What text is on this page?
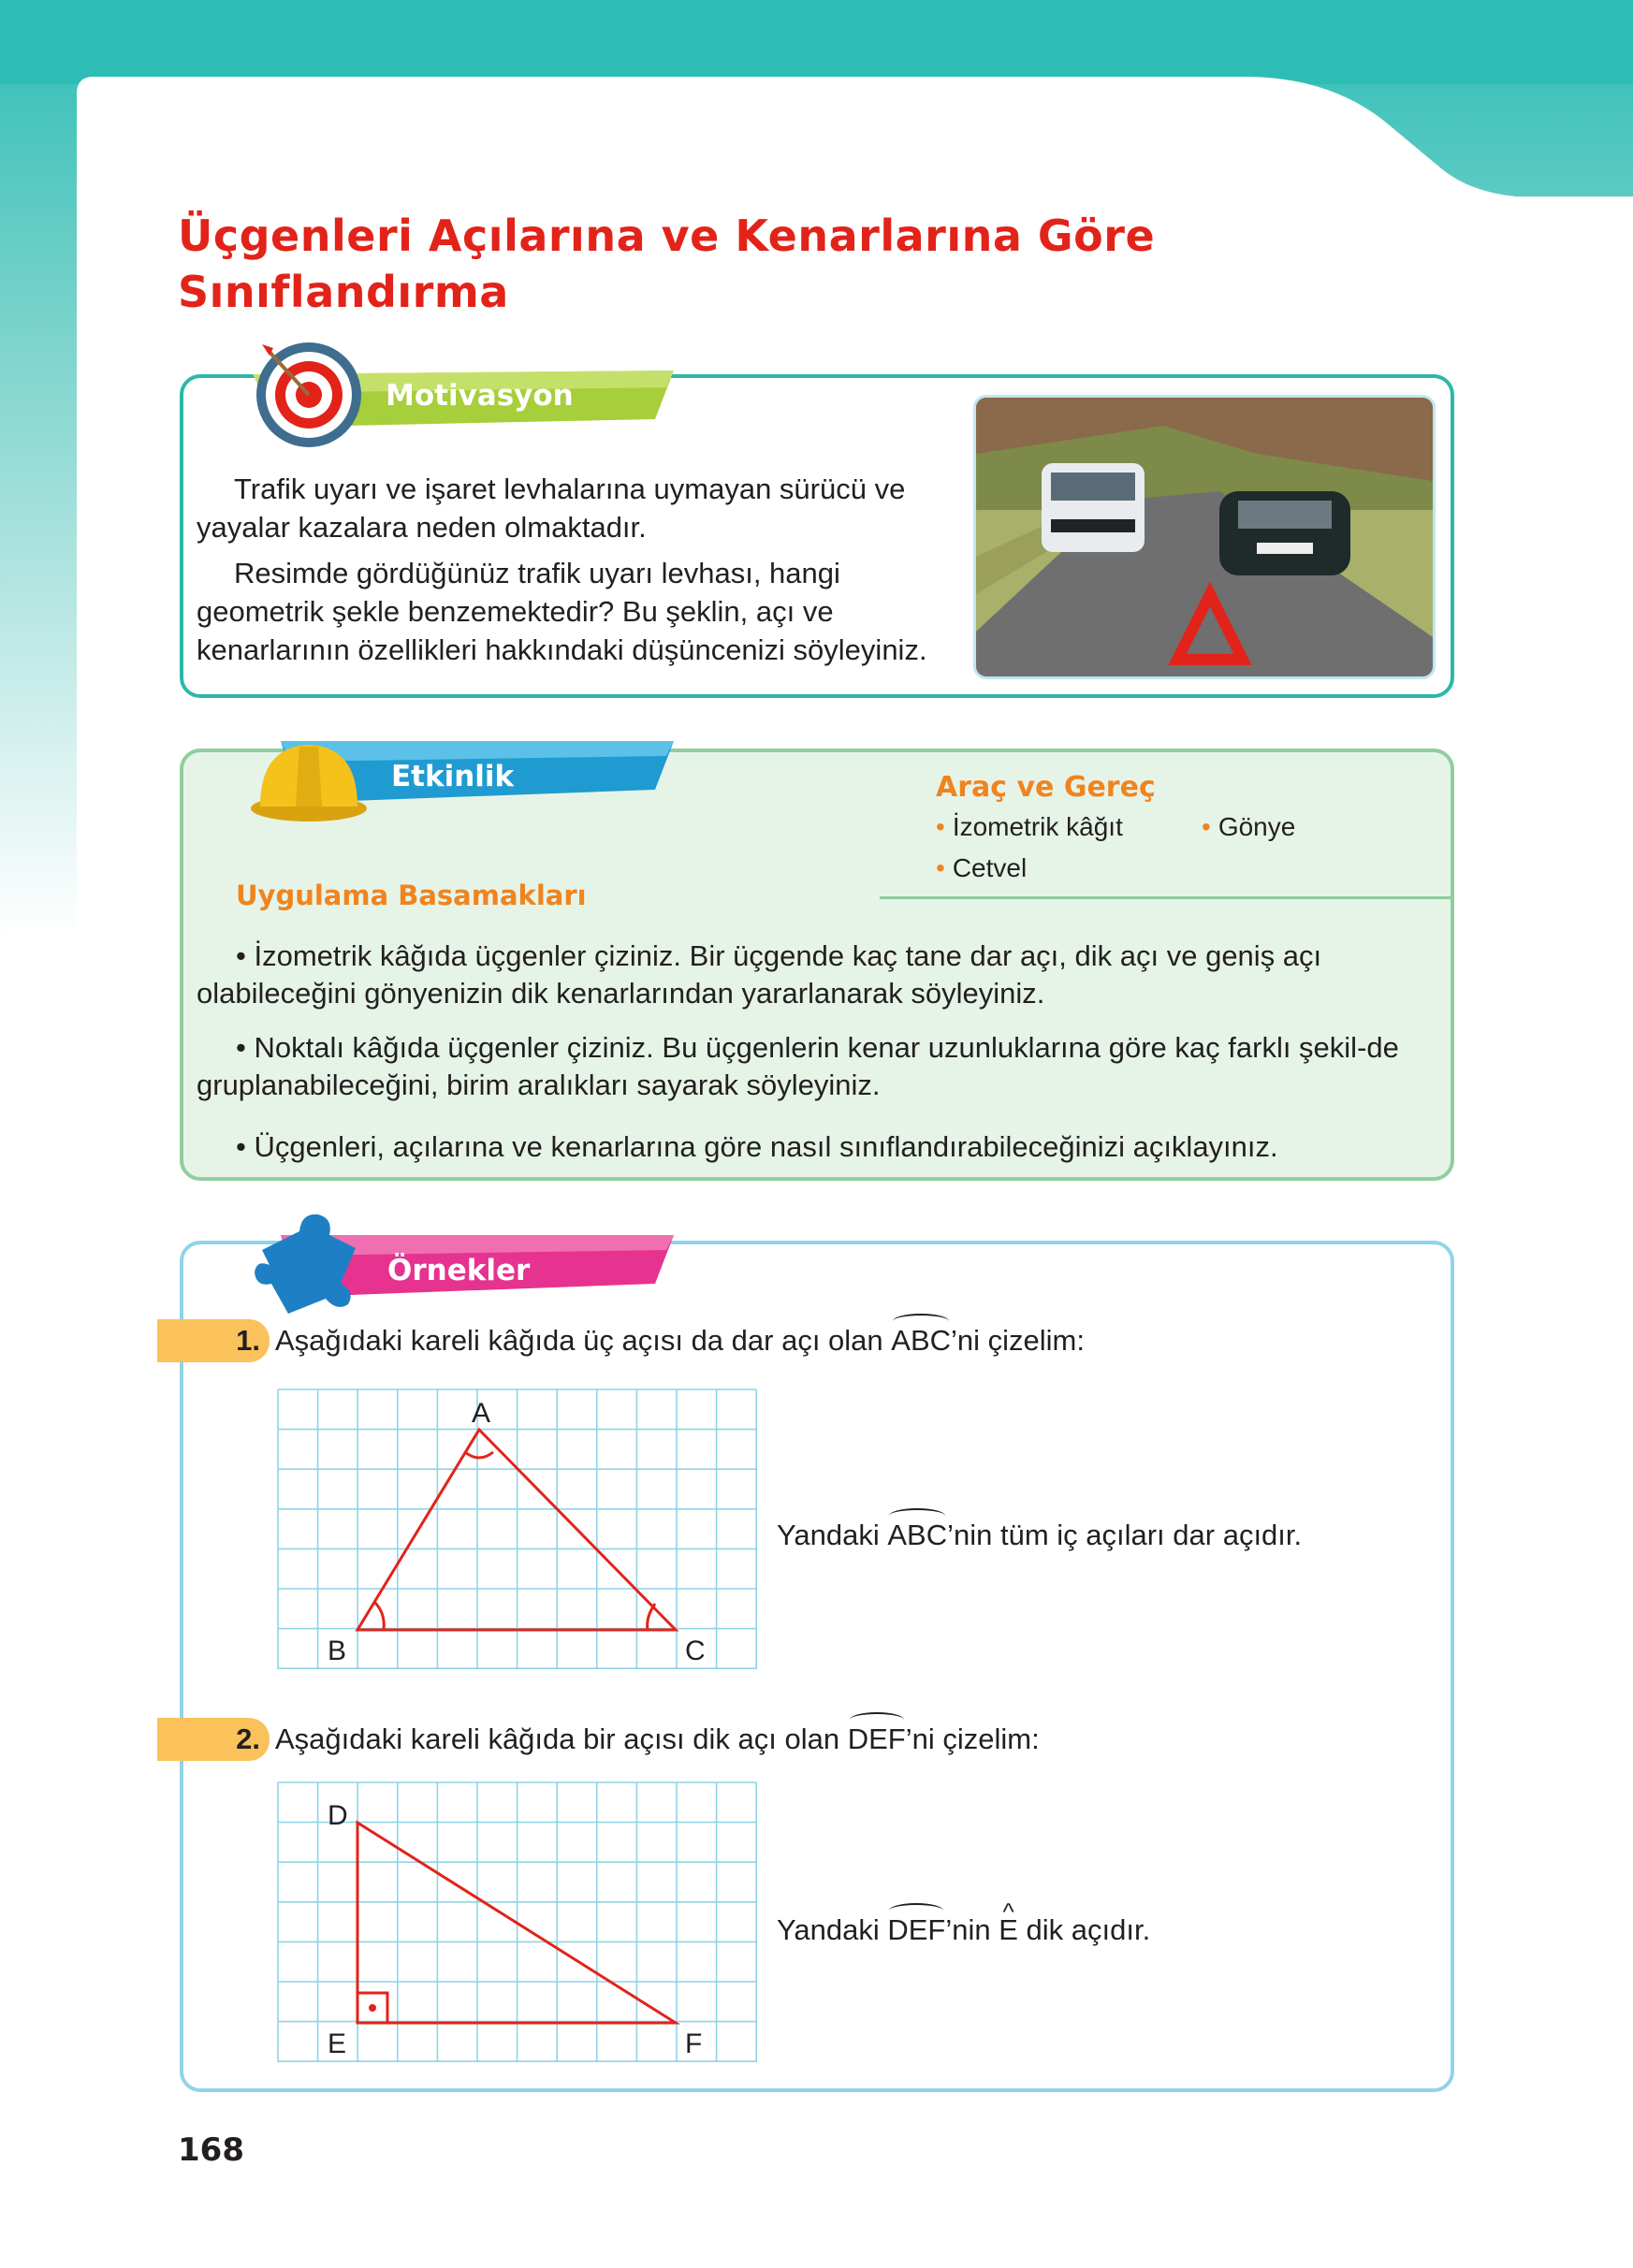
Üçgenleri Açılarına ve Kenarlarına Göre
Sınıflandırma
Motivasyon

Trafik uyarı ve işaret levhalarına uymayan sürücü ve yayalar kazalara neden olmaktadır.

Resimde gördüğünüz trafik uyarı levhası, hangi geometrik şekle benzemektedir? Bu şeklin, açı ve kenarlarının özellikleri hakkındaki düşüncenizi söyleyiniz.

Etkinlik	Araç ve Gereç
• İzometrik kâğıt	• Gönye
• Cetvel
Uygulama Basamakları

• İzometrik kâğıda üçgenler çiziniz. Bir üçgende kaç tane dar açı, dik açı ve geniş açı olabileceğini gönyenizin dik kenarlarından yararlanarak söyleyiniz.

• Noktalı kâğıda üçgenler çiziniz. Bu üçgenlerin kenar uzunluklarına göre kaç farklı şekil-de gruplanabileceğini, birim aralıkları sayarak söyleyiniz.

• Üçgenleri, açılarına ve kenarlarına göre nasıl sınıflandırabileceğinizi açıklayınız.

Örnekler
1. Aşağıdaki kareli kâğıda üç açısı da dar açı olan ABC’ni çizelim:
A
B	C
Yandaki ABC’nin tüm iç açıları dar açıdır.
2. Aşağıdaki kareli kâğıda bir açısı dik açı olan DEF’ni çizelim:
D
E	F
Yandaki DEF’nin ^ E dik açıdır.
168
